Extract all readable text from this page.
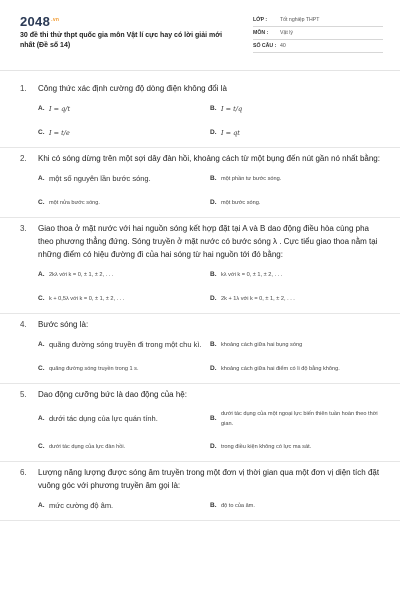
$2048^{.vn}$
30 đề thi thử thpt quốc gia môn Vật lí cực hay có lời giải mới nhất (Đề số 14)
LỚP :	Tốt nghiệp THPT
MÔN :	Vật lý
SỐ CÂU : 40
1.	Công thức xác định cường độ dòng điện không đổi là
A. I = q/t	B. I = t/q
C. I = t/e	D. I = qt
2.	Khi có sóng dừng trên một sợi dây đàn hồi, khoảng cách từ một bụng đến nút gần nó nhất bằng:
A. một số nguyên lần bước sóng.	B. một phần tư bước sóng.
C. một nửa bước sóng.	D. một bước sóng.
3.	Giao thoa ở mặt nước với hai nguồn sóng kết hợp đặt tại A và B dao động điều hòa cùng pha theo phương thẳng đứng. Sóng truyền ở mặt nước có bước sóng λ . Cực tiểu giao thoa nằm tại những điểm có hiệu đường đi của hai sóng từ hai nguồn tới đó bằng:
A. 2kλ với k = 0, ± 1, ± 2, . . .	B. kλ với k = 0, ± 1, ± 2, . . .
C. k + 0,5λ với k = 0, ± 1, ± 2, . . .	D. 2k + 1λ với k = 0, ± 1, ± 2, . . .
4.	Bước sóng là:
A. quãng đường sóng truyền đi trong một chu kì. B. khoảng cách giữa hai bụng sóng
C. quãng đường sóng truyền trong 1 s.	D. khoảng cách giữa hai điểm có li độ bằng không.
5.	Dao động cưỡng bức là dao động của hệ:
A. dưới tác dụng của lực quán tính.	B.
dưới tác dụng của một ngoại lực biến thiên tuần hoàn theo thời gian.
C. dưới tác dụng của lực đàn hồi.	D. trong điều kiện không có lực ma sát.
6.	Lượng năng lượng được sóng âm truyền trong một đơn vị thời gian qua một đơn vị diện tích đặt vuông góc với phương truyền âm gọi là:
A. mức cường độ âm.	B. độ to của âm.
